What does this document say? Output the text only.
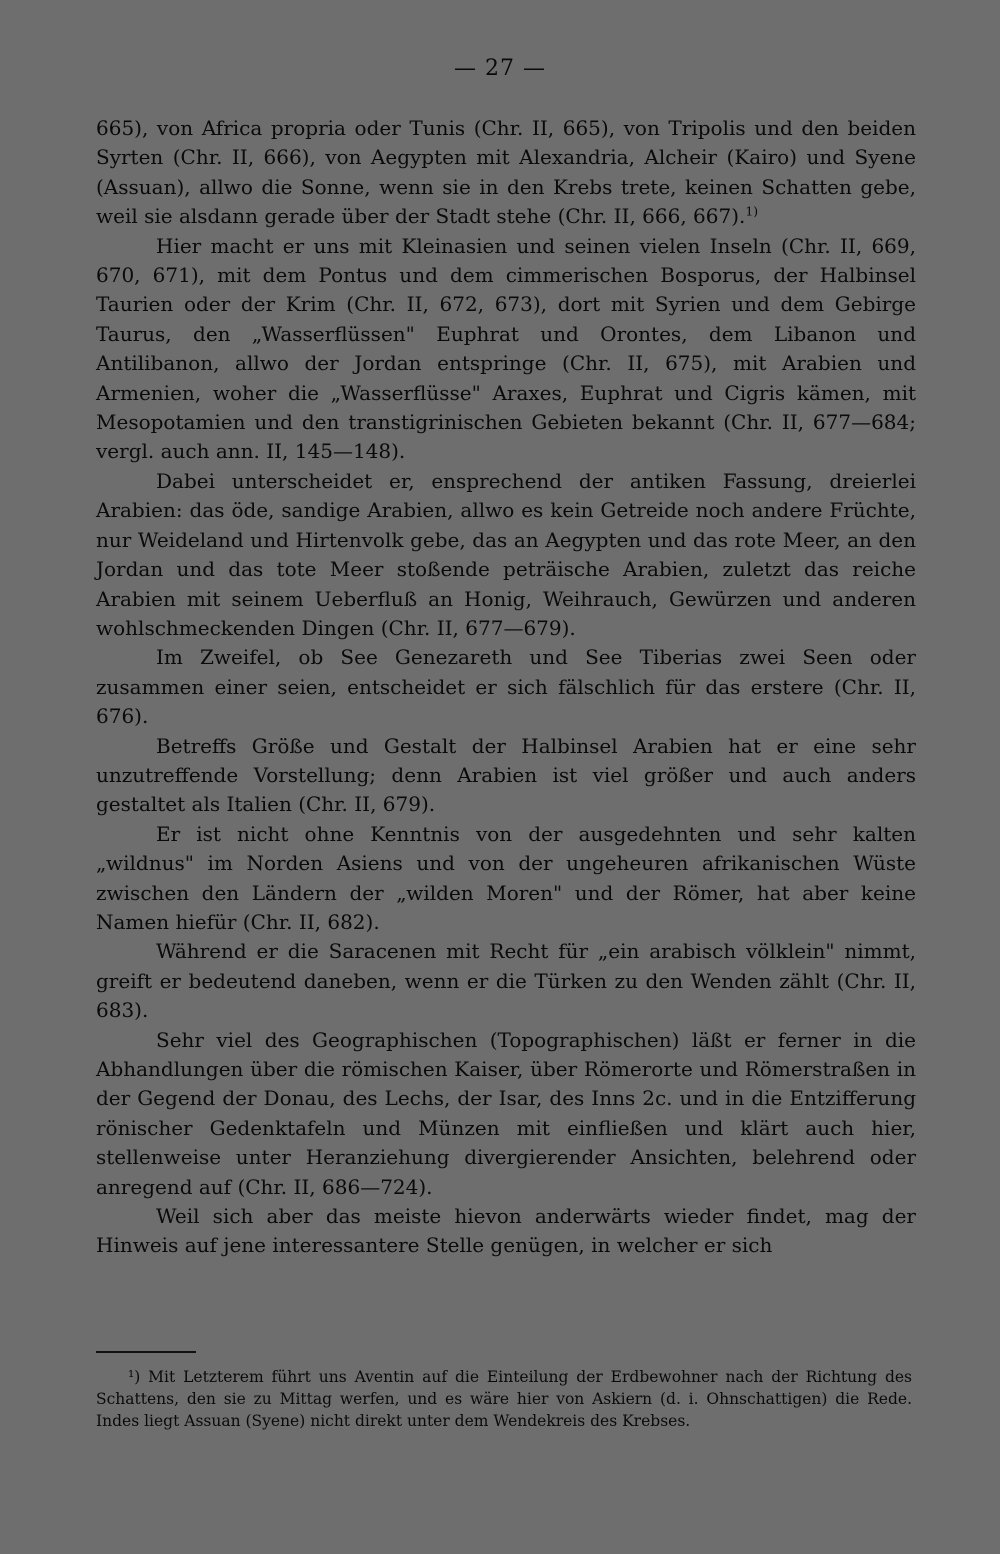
— 27 —

665), von Africa propria oder Tunis (Chr. II, 665), von Tripolis und den beiden Syrten (Chr. II, 666), von Aegypten mit Alexandria, Alcheir (Kairo) und Syene (Assuan), allwo die Sonne, wenn sie in den Krebs trete, keinen Schatten gebe, weil sie alsdann gerade über der Stadt stehe (Chr. II, 666, 667).$^{1)}$

Hier macht er uns mit Kleinasien und seinen vielen Inseln (Chr. II, 669, 670, 671), mit dem Pontus und dem cimmerischen Bosporus, der Halbinsel Taurien oder der Krim (Chr. II, 672, 673), dort mit Syrien und dem Gebirge Taurus, den „Wasserflüssen" Euphrat und Orontes, dem Libanon und Antilibanon, allwo der Jordan entspringe (Chr. II, 675), mit Arabien und Armenien, woher die „Wasserflüsse" Araxes, Euphrat und Cigris kämen, mit Mesopotamien und den transtigrinischen Gebieten bekannt (Chr. II, 677—684; vergl. auch ann. II, 145—148).

Dabei unterscheidet er, ensprechend der antiken Fassung, dreierlei Arabien: das öde, sandige Arabien, allwo es kein Getreide noch andere Früchte, nur Weideland und Hirtenvolk gebe, das an Aegypten und das rote Meer, an den Jordan und das tote Meer stoßende peträische Arabien, zuletzt das reiche Arabien mit seinem Ueberfluß an Honig, Weihrauch, Gewürzen und anderen wohlschmeckenden Dingen (Chr. II, 677—679).

Im Zweifel, ob See Genezareth und See Tiberias zwei Seen oder zusammen einer seien, entscheidet er sich fälschlich für das erstere (Chr. II, 676).

Betreffs Größe und Gestalt der Halbinsel Arabien hat er eine sehr unzutreffende Vorstellung; denn Arabien ist viel größer und auch anders gestaltet als Italien (Chr. II, 679).

Er ist nicht ohne Kenntnis von der ausgedehnten und sehr kalten „wildnus" im Norden Asiens und von der ungeheuren afrikanischen Wüste zwischen den Ländern der „wilden Moren" und der Römer, hat aber keine Namen hiefür (Chr. II, 682).

Während er die Saracenen mit Recht für „ein arabisch völklein" nimmt, greift er bedeutend daneben, wenn er die Türken zu den Wenden zählt (Chr. II, 683).

Sehr viel des Geographischen (Topographischen) läßt er ferner in die Abhandlungen über die römischen Kaiser, über Römerorte und Römerstraßen in der Gegend der Donau, des Lechs, der Isar, des Inns 2c. und in die Entzifferung rönischer Gedenktafeln und Münzen mit einfließen und klärt auch hier, stellenweise unter Heranziehung divergierender Ansichten, belehrend oder anregend auf (Chr. II, 686—724).

Weil sich aber das meiste hievon anderwärts wieder findet, mag der Hinweis auf jene interessantere Stelle genügen, in welcher er sich

¹) Mit Letzterem führt uns Aventin auf die Einteilung der Erdbewohner nach der Richtung des Schattens, den sie zu Mittag werfen, und es wäre hier von Askiern (d. i. Ohnschattigen) die Rede. Indes liegt Assuan (Syene) nicht direkt unter dem Wendekreis des Krebses.
